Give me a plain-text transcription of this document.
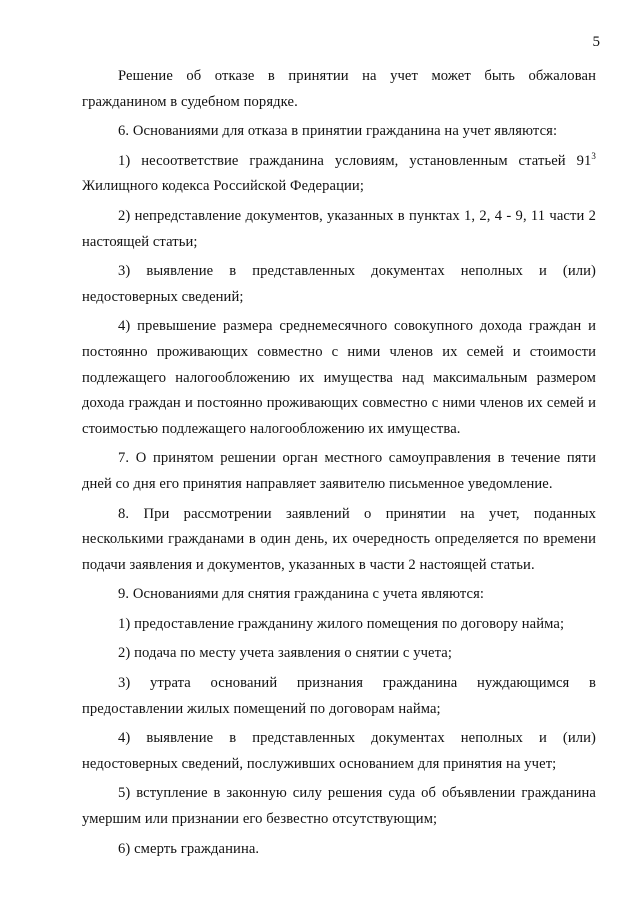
5

Решение об отказе в принятии на учет может быть обжалован гражданином в судебном порядке.

6. Основаниями для отказа в принятии гражданина на учет являются:

1) несоответствие гражданина условиям, установленным статьей $91^3$ Жилищного кодекса Российской Федерации;

2) непредставление документов, указанных в пунктах 1, 2, 4 - 9, 11 части 2 настоящей статьи;

3) выявление в представленных документах неполных и (или) недостоверных сведений;

4) превышение размера среднемесячного совокупного дохода граждан и постоянно проживающих совместно с ними членов их семей и стоимости подлежащего налогообложению их имущества над максимальным размером дохода граждан и постоянно проживающих совместно с ними членов их семей и стоимостью подлежащего налогообложению их имущества.

7. О принятом решении орган местного самоуправления в течение пяти дней со дня его принятия направляет заявителю письменное уведомление.

8. При рассмотрении заявлений о принятии на учет, поданных несколькими гражданами в один день, их очередность определяется по времени подачи заявления и документов, указанных в части 2 настоящей статьи.

9. Основаниями для снятия гражданина с учета являются:

1) предоставление гражданину жилого помещения по договору найма;

2) подача по месту учета заявления о снятии с учета;

3) утрата оснований признания гражданина нуждающимся в предоставлении жилых помещений по договорам найма;

4) выявление в представленных документах неполных и (или) недостоверных сведений, послуживших основанием для принятия на учет;

5) вступление в законную силу решения суда об объявлении гражданина умершим или признании его безвестно отсутствующим;

6) смерть гражданина.
